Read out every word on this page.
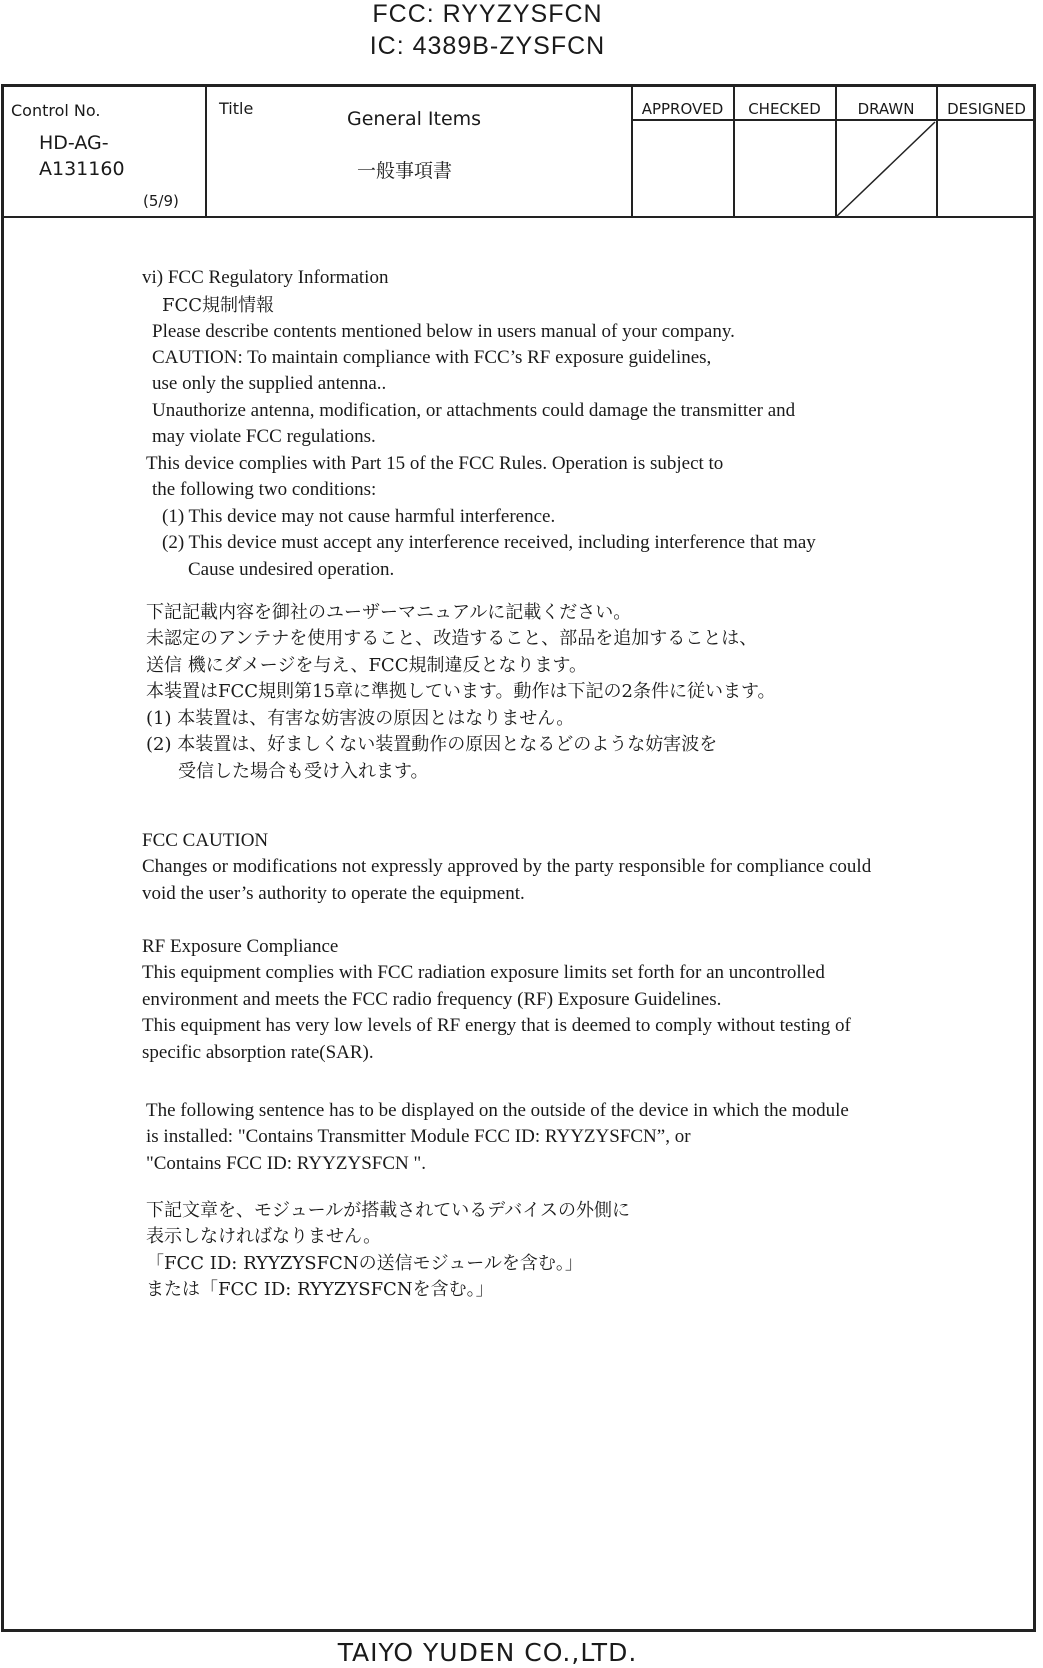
FCC: RYYZYSFCN
IC: 4389B-ZYSFCN
Control No.
HD-AG-
A131160
(5/9)
Title	General Items
一般事項書
APPROVED	CHECKED	DRAWN	DESIGNED
vi) FCC Regulatory Information
FCC規制情報
Please describe contents mentioned below in users manual of your company.
CAUTION: To maintain compliance with FCC’s RF exposure guidelines,
use only the supplied antenna..
Unauthorize antenna, modification, or attachments could damage the transmitter and
may violate FCC regulations.
This device complies with Part 15 of the FCC Rules. Operation is subject to
the following two conditions:
(1) This device may not cause harmful interference.
(2) This device must accept any interference received, including interference that may
Cause undesired operation.
下記記載内容を御社のユーザーマニュアルに記載ください。
未認定のアンテナを使用すること、改造すること、部品を追加することは、
送信 機にダメージを与え、FCC規制違反となります。
本装置はFCC規則第15章に準拠しています。動作は下記の2条件に従います。
(1) 本装置は、有害な妨害波の原因とはなりません。
(2) 本装置は、好ましくない装置動作の原因となるどのような妨害波を
受信した場合も受け入れます。
FCC CAUTION
Changes or modifications not expressly approved by the party responsible for compliance could
void the user’s authority to operate the equipment.
RF Exposure Compliance
This equipment complies with FCC radiation exposure limits set forth for an uncontrolled
environment and meets the FCC radio frequency (RF) Exposure Guidelines.
This equipment has very low levels of RF energy that is deemed to comply without testing of
specific absorption rate(SAR).
The following sentence has to be displayed on the outside of the device in which the module
is installed: "Contains Transmitter Module FCC ID: RYYZYSFCN”, or
"Contains FCC ID: RYYZYSFCN ".
下記文章を、モジュールが搭載されているデバイスの外側に
表示しなければなりません。
「FCC ID: RYYZYSFCNの送信モジュールを含む。」
または「FCC ID: RYYZYSFCNを含む。」
TAIYO YUDEN CO.,LTD.
